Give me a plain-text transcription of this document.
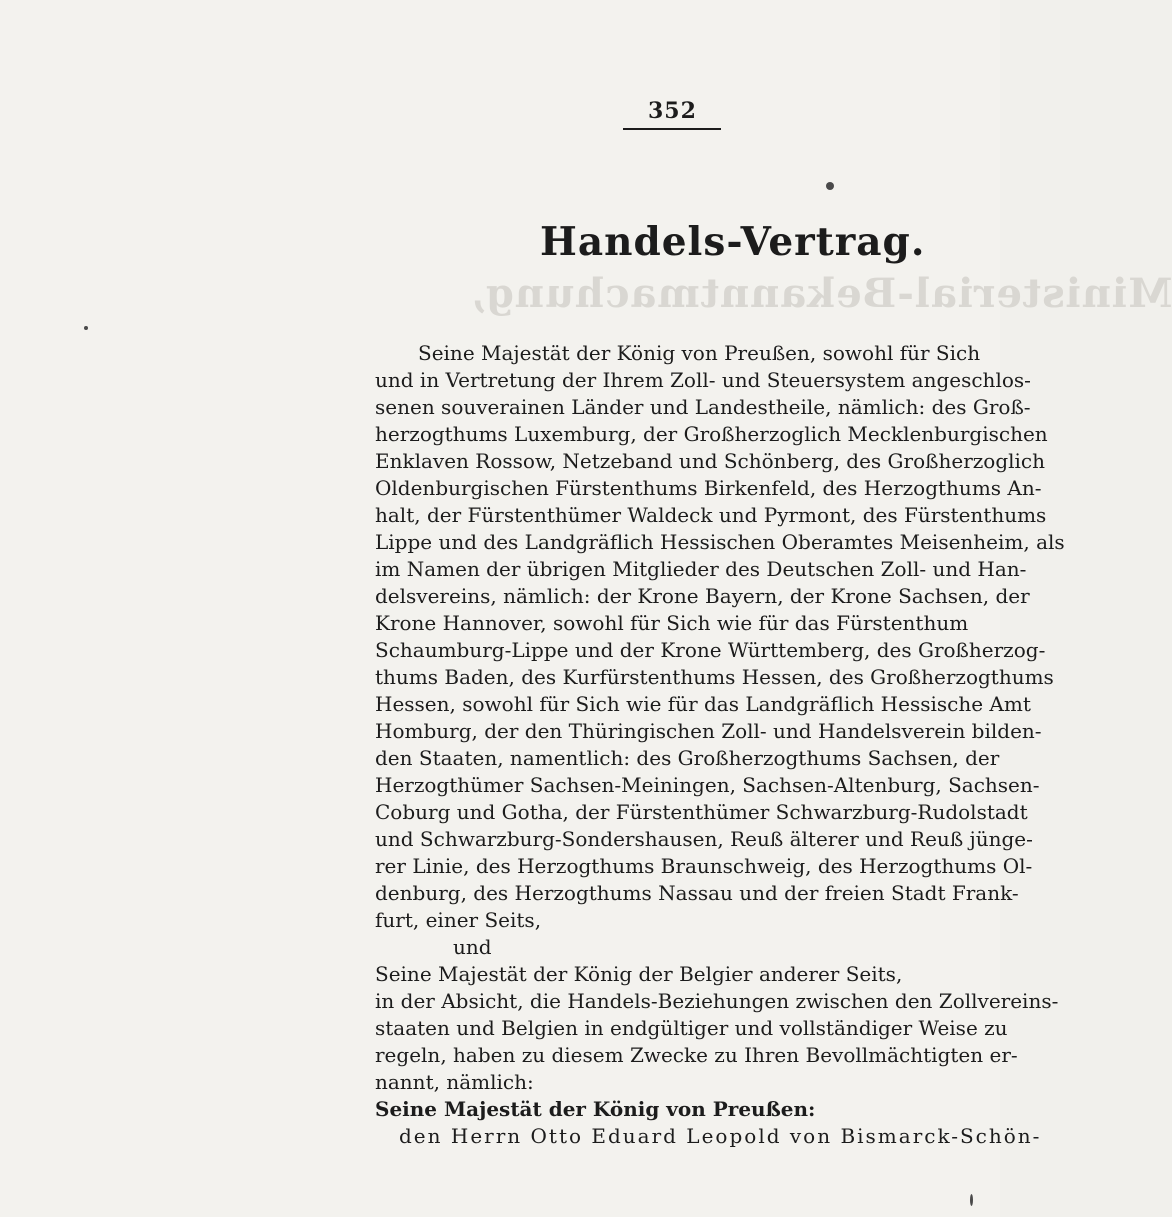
Ministerial-Bekanntmachung,
352
Handels-Vertrag.
Seine Majestät der König von Preußen, sowohl für Sich
und in Vertretung der Ihrem Zoll- und Steuersystem angeschlos-
senen souverainen Länder und Landestheile, nämlich: des Groß-
herzogthums Luxemburg, der Großherzoglich Mecklenburgischen
Enklaven Rossow, Netzeband und Schönberg, des Großherzoglich
Oldenburgischen Fürstenthums Birkenfeld, des Herzogthums An-
halt, der Fürstenthümer Waldeck und Pyrmont, des Fürstenthums
Lippe und des Landgräflich Hessischen Oberamtes Meisenheim, als
im Namen der übrigen Mitglieder des Deutschen Zoll- und Han-
delsvereins, nämlich: der Krone Bayern, der Krone Sachsen, der
Krone Hannover, sowohl für Sich wie für das Fürstenthum
Schaumburg-Lippe und der Krone Württemberg, des Großherzog-
thums Baden, des Kurfürstenthums Hessen, des Großherzogthums
Hessen, sowohl für Sich wie für das Landgräflich Hessische Amt
Homburg, der den Thüringischen Zoll- und Handelsverein bilden-
den Staaten, namentlich: des Großherzogthums Sachsen, der
Herzogthümer Sachsen-Meiningen, Sachsen-Altenburg, Sachsen-
Coburg und Gotha, der Fürstenthümer Schwarzburg-Rudolstadt
und Schwarzburg-Sondershausen, Reuß älterer und Reuß jünge-
rer Linie, des Herzogthums Braunschweig, des Herzogthums Ol-
denburg, des Herzogthums Nassau und der freien Stadt Frank-
furt, einer Seits,
und
Seine Majestät der König der Belgier anderer Seits,
in der Absicht, die Handels-Beziehungen zwischen den Zollvereins-
staaten und Belgien in endgültiger und vollständiger Weise zu
regeln, haben zu diesem Zwecke zu Ihren Bevollmächtigten er-
nannt, nämlich:
Seine Majestät der König von Preußen:
den Herrn Otto Eduard Leopold von Bismarck-Schön-
